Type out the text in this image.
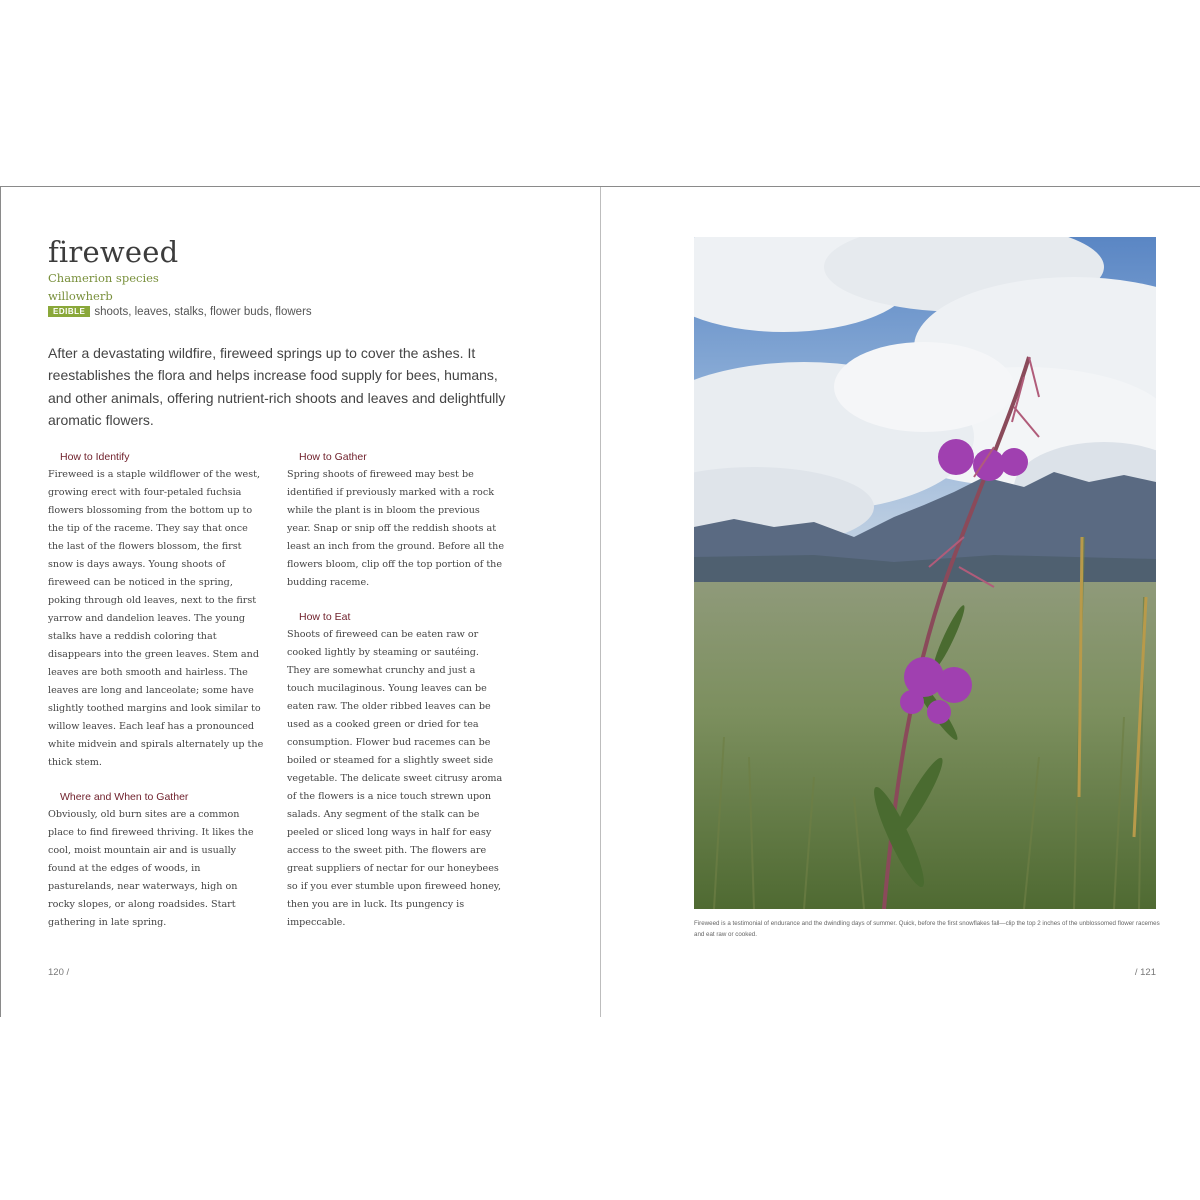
fireweed
Chamerion species
willowherb
EDIBLE shoots, leaves, stalks, flower buds, flowers

After a devastating wildfire, fireweed springs up to cover the ashes. It reestablishes the flora and helps increase food supply for bees, humans, and other animals, offering nutrient-rich shoots and leaves and delightfully aromatic flowers.

How to Identify

Fireweed is a staple wildflower of the west, growing erect with four-petaled fuchsia flowers blossoming from the bottom up to the tip of the raceme. They say that once the last of the flowers blossom, the first snow is days aways. Young shoots of fireweed can be noticed in the spring, poking through old leaves, next to the first yarrow and dandelion leaves. The young stalks have a reddish coloring that disappears into the green leaves. Stem and leaves are both smooth and hairless. The leaves are long and lanceolate; some have slightly toothed margins and look similar to willow leaves. Each leaf has a pronounced white midvein and spirals alternately up the thick stem.

Where and When to Gather

Obviously, old burn sites are a common place to find fireweed thriving. It likes the cool, moist mountain air and is usually found at the edges of woods, in pasturelands, near waterways, high on rocky slopes, or along roadsides. Start gathering in late spring.

How to Gather

Spring shoots of fireweed may best be identified if previously marked with a rock while the plant is in bloom the previous year. Snap or snip off the reddish shoots at least an inch from the ground. Before all the flowers bloom, clip off the top portion of the budding raceme.

How to Eat

Shoots of fireweed can be eaten raw or cooked lightly by steaming or sautéing. They are somewhat crunchy and just a touch mucilaginous. Young leaves can be eaten raw. The older ribbed leaves can be used as a cooked green or dried for tea consumption. Flower bud racemes can be boiled or steamed for a slightly sweet side vegetable. The delicate sweet citrusy aroma of the flowers is a nice touch strewn upon salads. Any segment of the stalk can be peeled or sliced long ways in half for easy access to the sweet pith. The flowers are great suppliers of nectar for our honeybees so if you ever stumble upon fireweed honey, then you are in luck. Its pungency is impeccable.

120 /

Fireweed is a testimonial of endurance and the dwindling days of summer. Quick, before the first snowflakes fall—clip the top 2 inches of the unblossomed flower racemes and eat raw or cooked.

/ 121
